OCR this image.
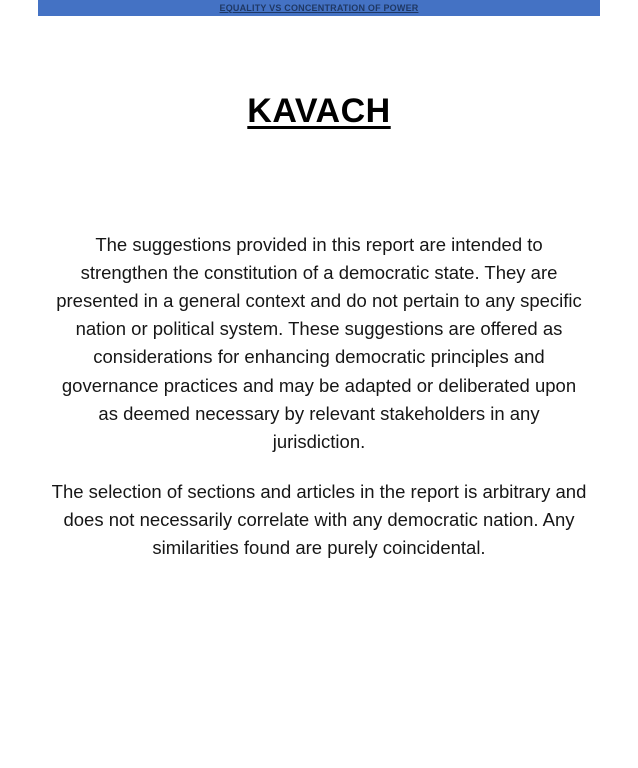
EQUALITY VS CONCENTRATION OF POWER
KAVACH

The suggestions provided in this report are intended to strengthen the constitution of a democratic state. They are presented in a general context and do not pertain to any specific nation or political system. These suggestions are offered as considerations for enhancing democratic principles and governance practices and may be adapted or deliberated upon as deemed necessary by relevant stakeholders in any jurisdiction.

The selection of sections and articles in the report is arbitrary and does not necessarily correlate with any democratic nation. Any similarities found are purely coincidental.
